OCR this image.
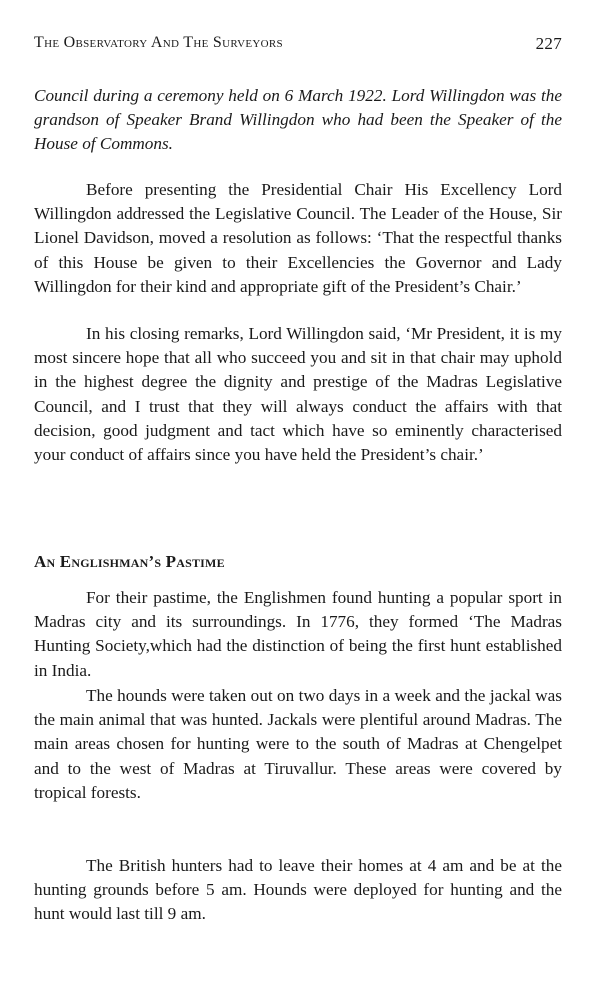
The Observatory And The Surveyors	227

Council during a ceremony held on 6 March 1922. Lord Willingdon was the grandson of Speaker Brand Willingdon who had been the Speaker of the House of Commons.

Before presenting the Presidential Chair His Excellency Lord Willingdon addressed the Legislative Council. The Leader of the House, Sir Lionel Davidson, moved a resolution as follows: ‘That the respectful thanks of this House be given to their Excellencies the Governor and Lady Willingdon for their kind and appropriate gift of the President’s Chair.’

In his closing remarks, Lord Willingdon said, ‘Mr President, it is my most sincere hope that all who succeed you and sit in that chair may uphold in the highest degree the dignity and prestige of the Madras Legislative Council, and I trust that they will always conduct the affairs with that decision, good judgment and tact which have so eminently characterised your conduct of affairs since you have held the President’s chair.’

An Englishman’s Pastime

For their pastime, the Englishmen found hunting a popular sport in Madras city and its surroundings. In 1776, they formed ‘The Madras Hunting Society,which had the distinction of being the first hunt established in India.

The hounds were taken out on two days in a week and the jackal was the main animal that was hunted. Jackals were plentiful around Madras. The main areas chosen for hunting were to the south of Madras at Chengelpet and to the west of Madras at Tiruvallur. These areas were covered by tropical forests.

The British hunters had to leave their homes at 4 am and be at the hunting grounds before 5 am. Hounds were deployed for hunting and the hunt would last till 9 am.
